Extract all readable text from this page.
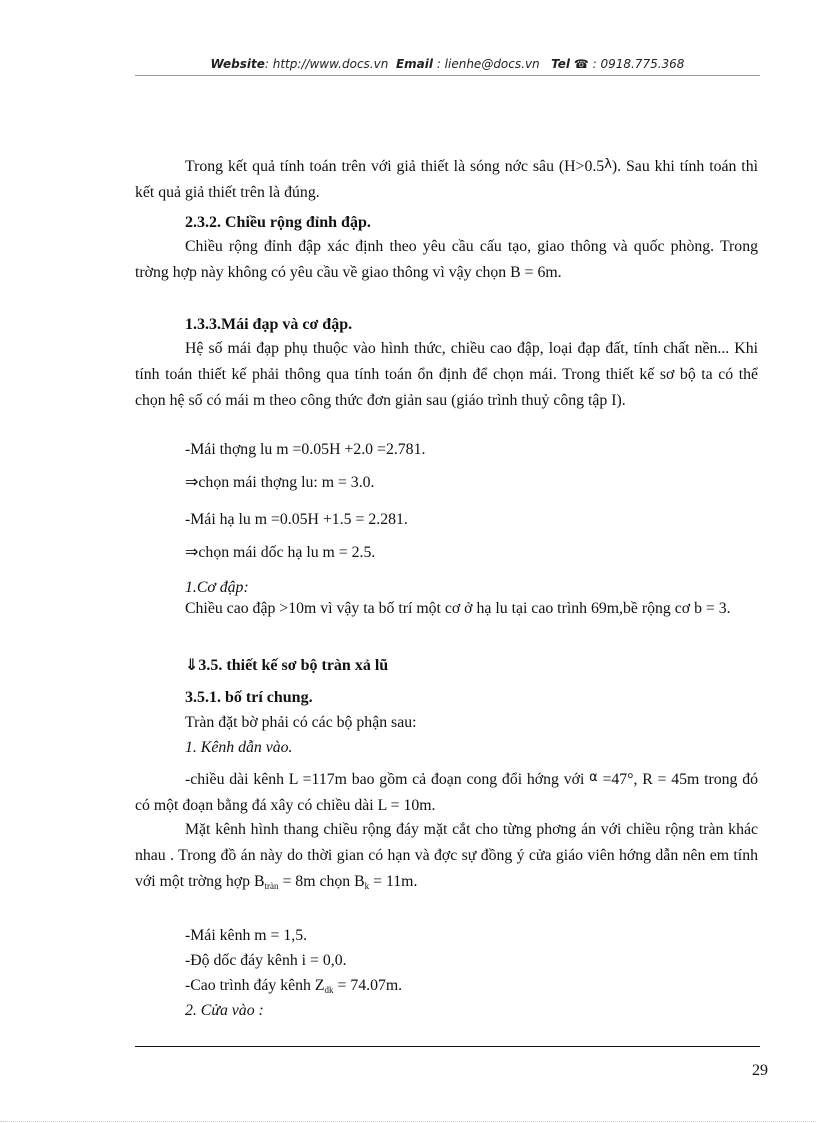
Website: http://www.docs.vn Email : lienhe@docs.vn Tel ☎ : 0918.775.368

Trong kết quả tính toán trên với giả thiết là sóng nớc sâu (H>0.5λ). Sau khi tính toán thì kết quả giả thiết trên là đúng.

2.3.2. Chiều rộng đỉnh đập.

Chiều rộng đỉnh đập xác định theo yêu cầu cấu tạo, giao thông và quốc phòng. Trong trờng hợp này không có yêu cầu về giao thông vì vậy chọn B = 6m.

1.3.3.Mái đạp và cơ đập.

Hệ số mái đạp phụ thuộc vào hình thức, chiều cao đập, loại đạp đất, tính chất nền... Khi tính toán thiết kế phải thông qua tính toán ổn định để chọn mái. Trong thiết kế sơ bộ ta có thể chọn hệ số có mái m theo công thức đơn giản sau (giáo trình thuỷ công tập I).

-Mái thợng lu m =0.05H +2.0 =2.781.
⇒chọn mái thợng lu: m = 3.0.
-Mái hạ lu m =0.05H +1.5 = 2.281.
⇒chọn mái dốc hạ lu m = 2.5.
1.Cơ đập:

Chiều cao đập >10m vì vậy ta bố trí một cơ ở hạ lu tại cao trình 69m,bề rộng cơ b = 3.

⇓3.5. thiết kế sơ bộ tràn xả lũ
3.5.1. bố trí chung.
Tràn đặt bờ phải có các bộ phận sau:
1. Kênh dẫn vào.

-chiều dài kênh L =117m bao gồm cả đoạn cong đổi hớng với α =47°, R = 45m trong đó có một đoạn bằng đá xây có chiều dài L = 10m.

Mặt kênh hình thang chiều rộng đáy mặt cắt cho từng phơng án với chiều rộng tràn khác nhau . Trong đồ án này do thời gian có hạn và đợc sự đồng ý cửa giáo viên hớng dẫn nên em tính với một trờng hợp $B_{tràn} = 8m$ chọn $B_k = 11m$.

-Mái kênh m = 1,5.
-Độ dốc đáy kênh i = 0,0.
-Cao trình đáy kênh $Z_{dk} = 74.07m$.
2. Cửa vào :
29
